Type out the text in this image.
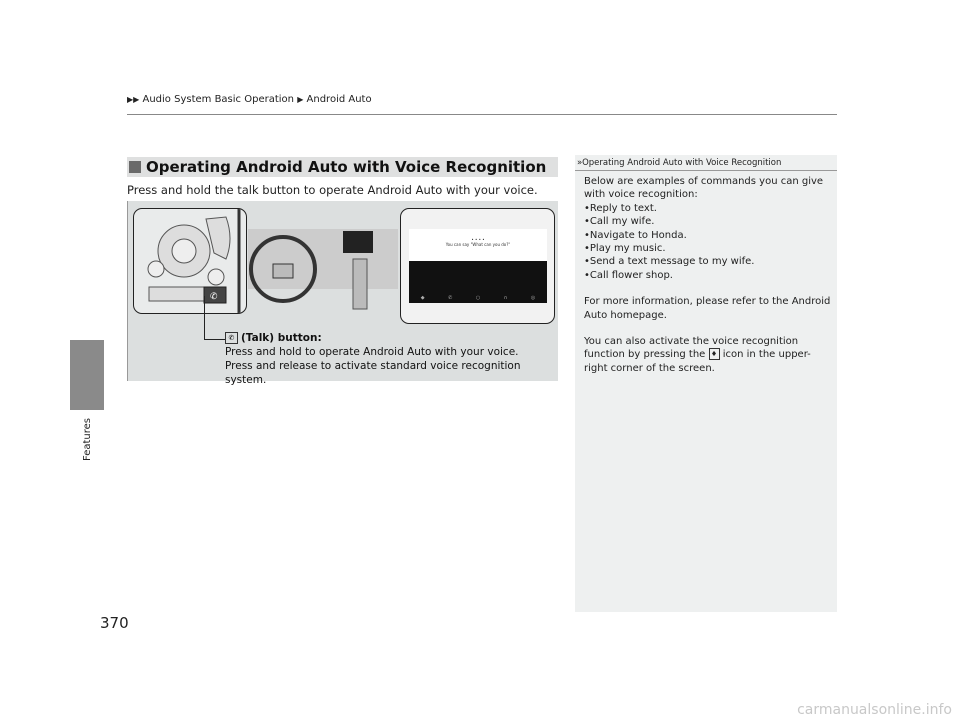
▶▶ Audio System Basic Operation ▶ Android Auto
Features
370
Operating Android Auto with Voice Recognition
Press and hold the talk button to operate Android Auto with your voice.
✆
• • • •
You can say "What can you do?"
◆	✆	○	∩	◎
✆ (Talk) button:
Press and hold to operate Android Auto with your voice.
Press and release to activate standard voice recognition system.
»Operating Android Auto with Voice Recognition
Below are examples of commands you can give with voice recognition:
• Reply to text.
• Call my wife.
• Navigate to Honda.
• Play my music.
• Send a text message to my wife.
• Call flower shop.

For more information, please refer to the Android Auto homepage.

You can also activate the voice recognition function by pressing the ♦ icon in the upper-right corner of the screen.

carmanualsonline.info
